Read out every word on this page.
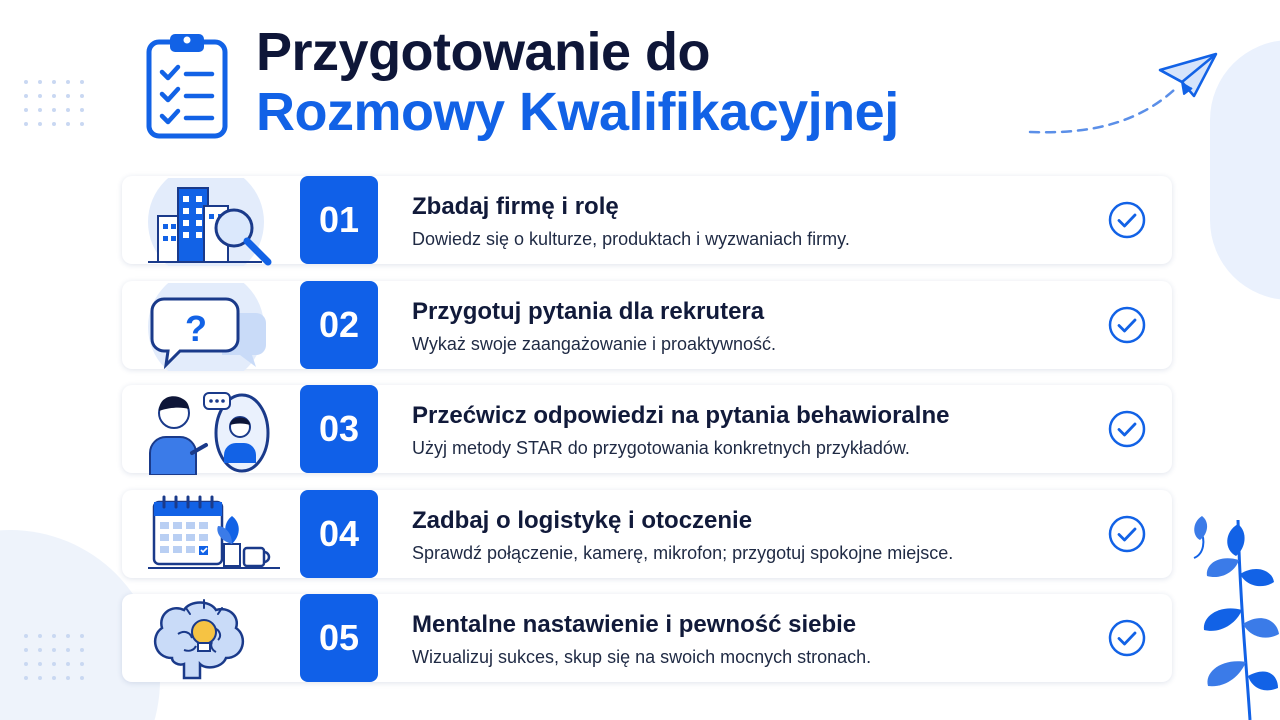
Przygotowanie do
Rozmowy Kwalifikacyjnej
01	Zbadaj firmę i rolę
Dowiedz się o kulturze, produktach i wyzwaniach firmy.
?	02	Przygotuj pytania dla rekrutera
Wykaż swoje zaangażowanie i proaktywność.
03	Przećwicz odpowiedzi na pytania behawioralne
Użyj metody STAR do przygotowania konkretnych przykładów.
04	Zadbaj o logistykę i otoczenie
Sprawdź połączenie, kamerę, mikrofon; przygotuj spokojne miejsce.
05	Mentalne nastawienie i pewność siebie
Wizualizuj sukces, skup się na swoich mocnych stronach.
